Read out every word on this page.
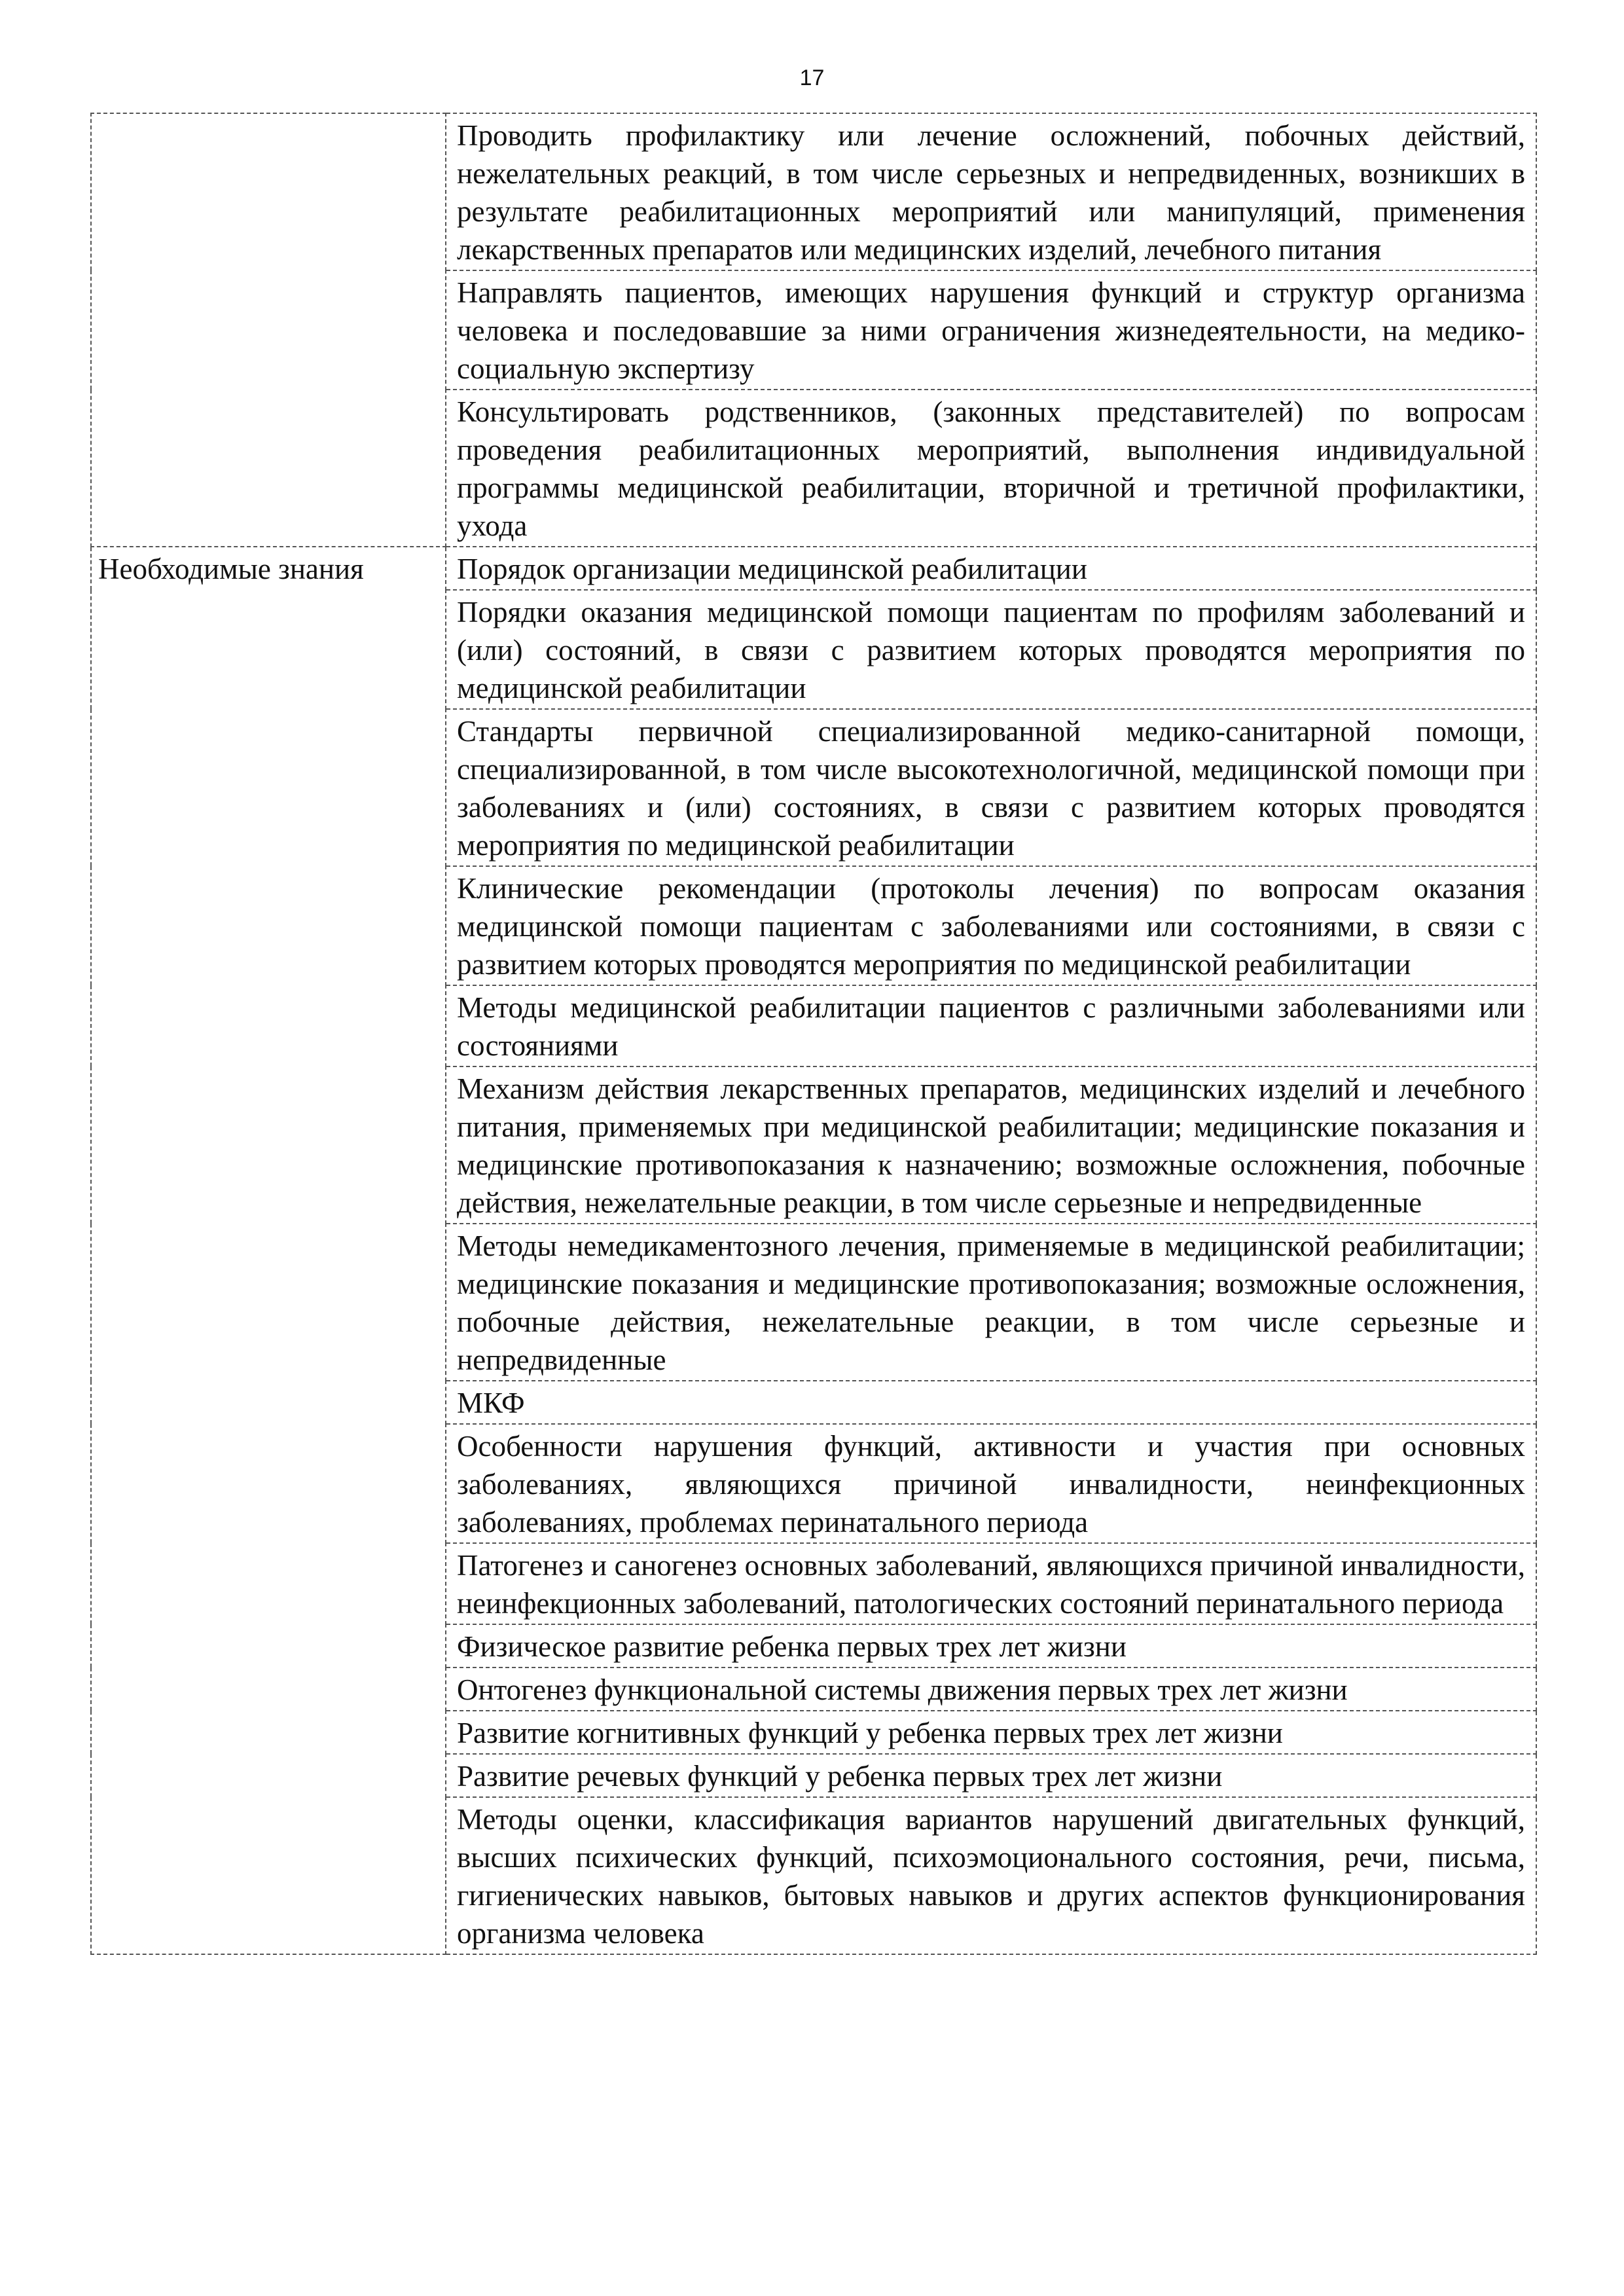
17
	Проводить профилактику или лечение осложнений, побочных действий, нежелательных реакций, в том числе серьезных и непредвиденных, возникших в результате реабилитационных мероприятий или манипуляций, применения лекарственных препаратов или медицинских изделий, лечебного питания
	Направлять пациентов, имеющих нарушения функций и структур организма человека и последовавшие за ними ограничения жизнедеятельности, на медико-социальную экспертизу
	Консультировать родственников, (законных представителей) по вопросам проведения реабилитационных мероприятий, выполнения индивидуальной программы медицинской реабилитации, вторичной и третичной профилактики, ухода
Необходимые знания	Порядок организации медицинской реабилитации
	Порядки оказания медицинской помощи пациентам по профилям заболеваний и (или) состояний, в связи с развитием которых проводятся мероприятия по медицинской реабилитации
	Стандарты первичной специализированной медико-санитарной помощи, специализированной, в том числе высокотехнологичной, медицинской помощи при заболеваниях и (или) состояниях, в связи с развитием которых проводятся мероприятия по медицинской реабилитации
	Клинические рекомендации (протоколы лечения) по вопросам оказания медицинской помощи пациентам с заболеваниями или состояниями, в связи с развитием которых проводятся мероприятия по медицинской реабилитации
	Методы медицинской реабилитации пациентов с различными заболеваниями или состояниями
	Механизм действия лекарственных препаратов, медицинских изделий и лечебного питания, применяемых при медицинской реабилитации; медицинские показания и медицинские противопоказания к назначению; возможные осложнения, побочные действия, нежелательные реакции, в том числе серьезные и непредвиденные
	Методы немедикаментозного лечения, применяемые в медицинской реабилитации; медицинские показания и медицинские противопоказания; возможные осложнения, побочные действия, нежелательные реакции, в том числе серьезные и непредвиденные
	МКФ
	Особенности нарушения функций, активности и участия при основных заболеваниях, являющихся причиной инвалидности, неинфекционных заболеваниях, проблемах перинатального периода
	Патогенез и саногенез основных заболеваний, являющихся причиной инвалидности, неинфекционных заболеваний, патологических состояний перинатального периода
	Физическое развитие ребенка первых трех лет жизни
	Онтогенез функциональной системы движения первых трех лет жизни
	Развитие когнитивных функций у ребенка первых трех лет жизни
	Развитие речевых функций у ребенка первых трех лет жизни
	Методы оценки, классификация вариантов нарушений двигательных функций, высших психических функций, психоэмоционального состояния, речи, письма, гигиенических навыков, бытовых навыков и других аспектов функционирования организма человека
